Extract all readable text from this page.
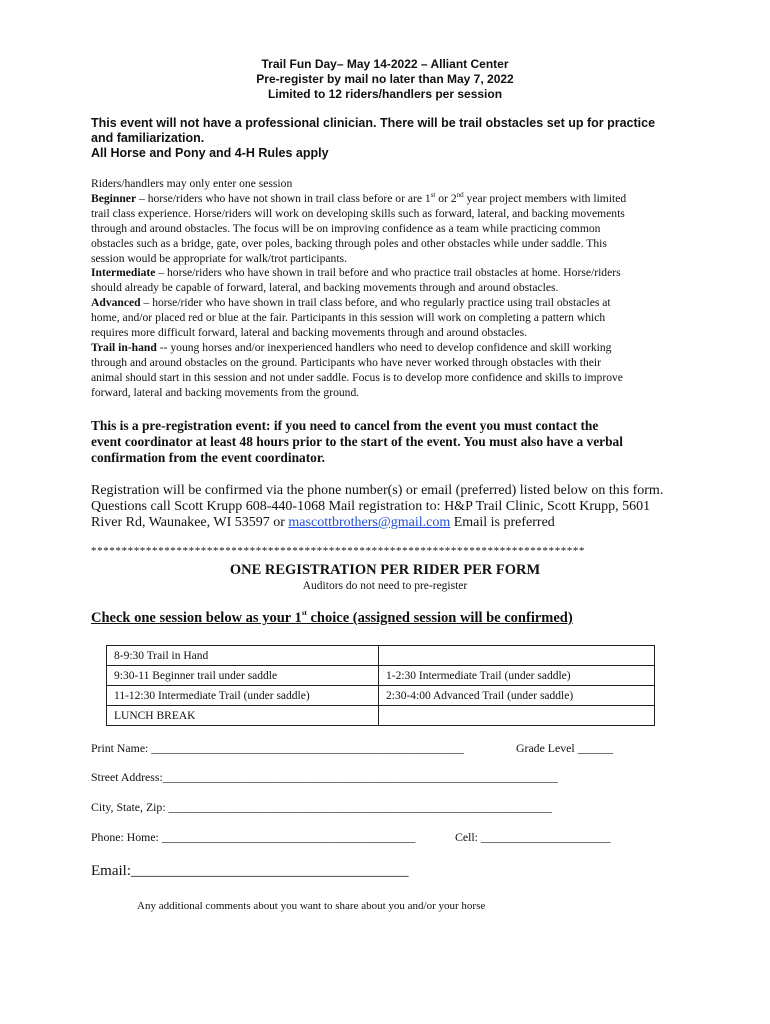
Trail Fun Day– May 14-2022 – Alliant Center
Pre-register by mail no later than May 7, 2022
Limited to 12 riders/handlers per session
This event will not have a professional clinician. There will be trail obstacles set up for practice
and familiarization.
All Horse and Pony and 4-H Rules apply
Riders/handlers may only enter one session
Beginner – horse/riders who have not shown in trail class before or are 1st or 2nd year project members with limited
trail class experience. Horse/riders will work on developing skills such as forward, lateral, and backing movements
through and around obstacles. The focus will be on improving confidence as a team while practicing common
obstacles such as a bridge, gate, over poles, backing through poles and other obstacles while under saddle. This
session would be appropriate for walk/trot participants.
Intermediate – horse/riders who have shown in trail before and who practice trail obstacles at home. Horse/riders
should already be capable of forward, lateral, and backing movements through and around obstacles.
Advanced – horse/rider who have shown in trail class before, and who regularly practice using trail obstacles at
home, and/or placed red or blue at the fair. Participants in this session will work on completing a pattern which
requires more difficult forward, lateral and backing movements through and around obstacles.
Trail in-hand -- young horses and/or inexperienced handlers who need to develop confidence and skill working
through and around obstacles on the ground. Participants who have never worked through obstacles with their
animal should start in this session and not under saddle. Focus is to develop more confidence and skills to improve
forward, lateral and backing movements from the ground.
This is a pre-registration event: if you need to cancel from the event you must contact the
event coordinator at least 48 hours prior to the start of the event. You must also have a verbal
confirmation from the event coordinator.
Registration will be confirmed via the phone number(s) or email (preferred) listed below on this form.
Questions call Scott Krupp 608-440-1068 Mail registration to: H&P Trail Clinic, Scott Krupp, 5601
River Rd, Waunakee, WI 53597 or mascottbrothers@gmail.com Email is preferred
*********************************************************************************
ONE REGISTRATION PER RIDER PER FORM
Auditors do not need to pre-register
Check one session below as your 1st choice (assigned session will be confirmed)
8-9:30 Trail in Hand	
9:30-11 Beginner trail under saddle	1-2:30 Intermediate Trail (under saddle)
11-12:30 Intermediate Trail (under saddle)	2:30-4:00 Advanced Trail (under saddle)
LUNCH BREAK	
Print Name: _____________________________________________________	Grade Level ______
Street Address:___________________________________________________________________
City, State, Zip: _________________________________________________________________
Phone: Home: ___________________________________________	Cell: ______________________
Email:_____________________________________
Any additional comments about you want to share about you and/or your horse
